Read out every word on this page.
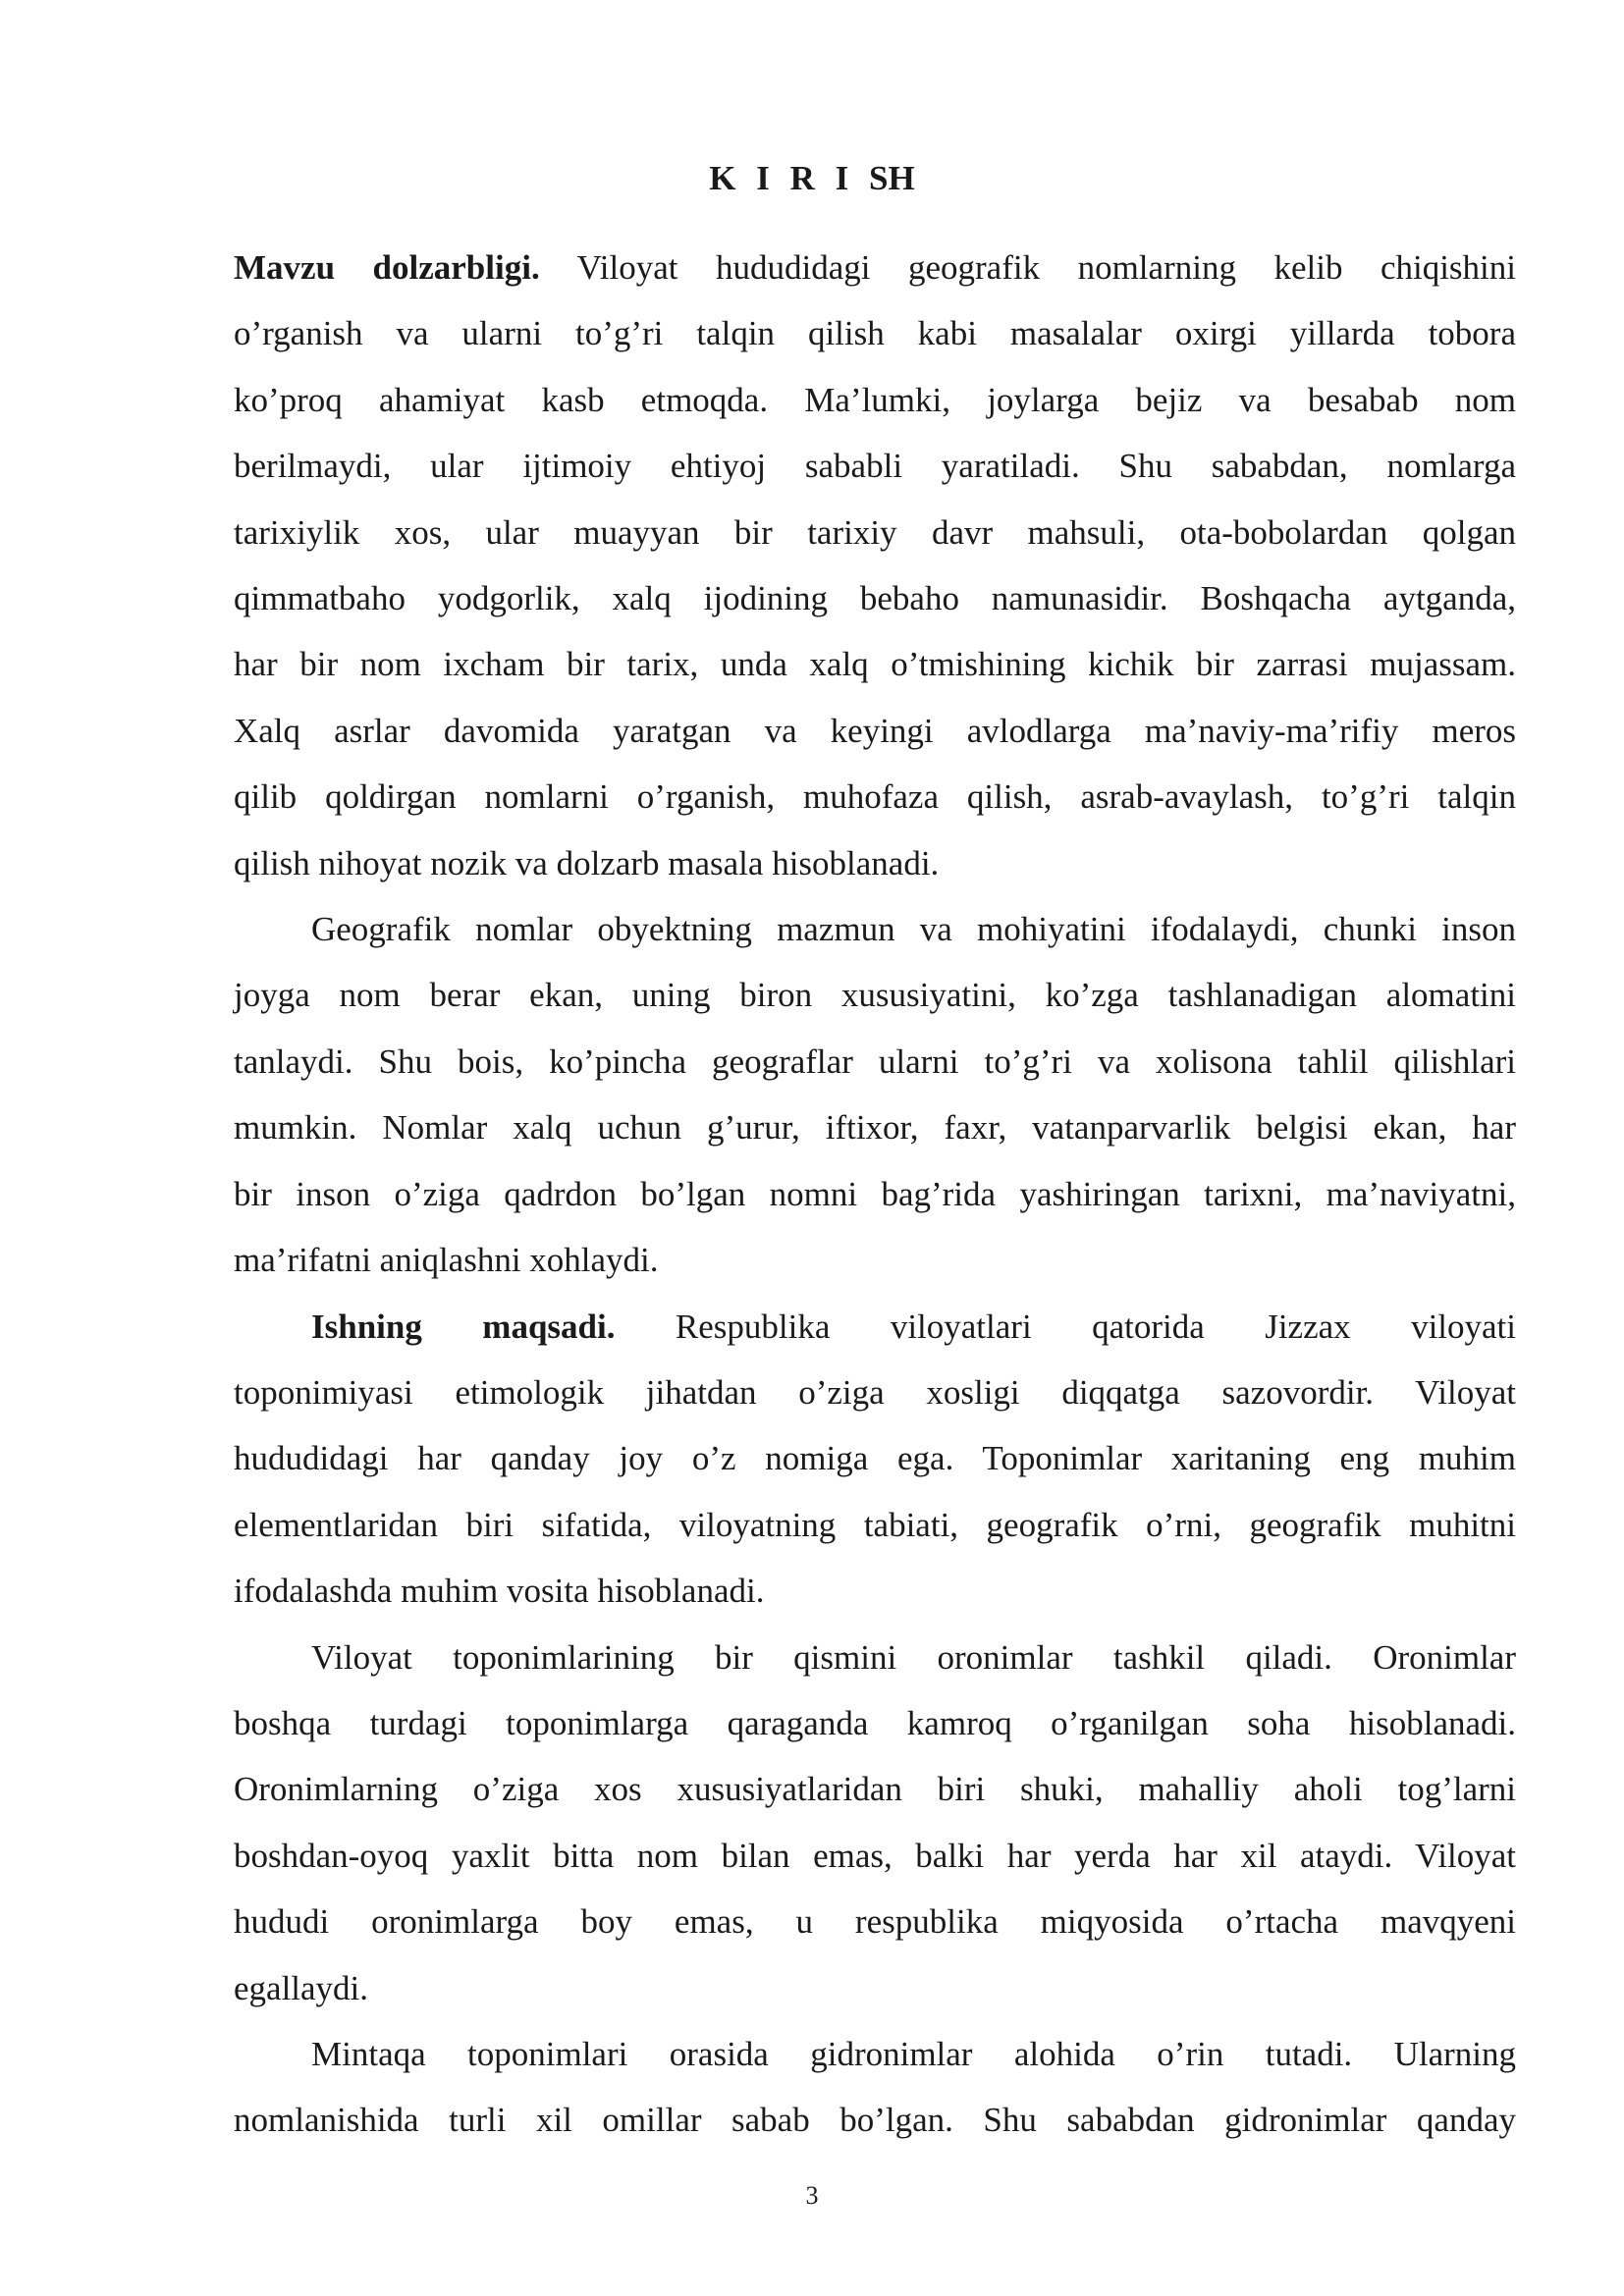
K I R I SH
Mavzu dolzarbligi. Viloyat hududidagi geografik nomlarning kelib chiqishini
o’rganish va ularni to’g’ri talqin qilish kabi masalalar oxirgi yillarda tobora
ko’proq ahamiyat kasb etmoqda. Ma’lumki, joylarga bejiz va besabab nom
berilmaydi, ular ijtimoiy ehtiyoj sababli yaratiladi. Shu sababdan, nomlarga
tarixiylik xos, ular muayyan bir tarixiy davr mahsuli, ota-bobolardan qolgan
qimmatbaho yodgorlik, xalq ijodining bebaho namunasidir. Boshqacha aytganda,
har bir nom ixcham bir tarix, unda xalq o’tmishining kichik bir zarrasi mujassam.
Xalq asrlar davomida yaratgan va keyingi avlodlarga ma’naviy-ma’rifiy meros
qilib qoldirgan nomlarni o’rganish, muhofaza qilish, asrab-avaylash, to’g’ri talqin
qilish nihoyat nozik va dolzarb masala hisoblanadi.
Geografik nomlar obyektning mazmun va mohiyatini ifodalaydi, chunki inson
joyga nom berar ekan, uning biron xususiyatini, ko’zga tashlanadigan alomatini
tanlaydi. Shu bois, ko’pincha geograflar ularni to’g’ri va xolisona tahlil qilishlari
mumkin. Nomlar xalq uchun g’urur, iftixor, faxr, vatanparvarlik belgisi ekan, har
bir inson o’ziga qadrdon bo’lgan nomni bag’rida yashiringan tarixni, ma’naviyatni,
ma’rifatni aniqlashni xohlaydi.
Ishning maqsadi. Respublika viloyatlari qatorida Jizzax viloyati
toponimiyasi etimologik jihatdan o’ziga xosligi diqqatga sazovordir. Viloyat
hududidagi har qanday joy o’z nomiga ega. Toponimlar xaritaning eng muhim
elementlaridan biri sifatida, viloyatning tabiati, geografik o’rni, geografik muhitni
ifodalashda muhim vosita hisoblanadi.
Viloyat toponimlarining bir qismini oronimlar tashkil qiladi. Oronimlar
boshqa turdagi toponimlarga qaraganda kamroq o’rganilgan soha hisoblanadi.
Oronimlarning o’ziga xos xususiyatlaridan biri shuki, mahalliy aholi tog’larni
boshdan-oyoq yaxlit bitta nom bilan emas, balki har yerda har xil ataydi. Viloyat
hududi oronimlarga boy emas, u respublika miqyosida o’rtacha mavqyeni
egallaydi.
Mintaqa toponimlari orasida gidronimlar alohida o’rin tutadi. Ularning
nomlanishida turli xil omillar sabab bo’lgan. Shu sababdan gidronimlar qanday
3
